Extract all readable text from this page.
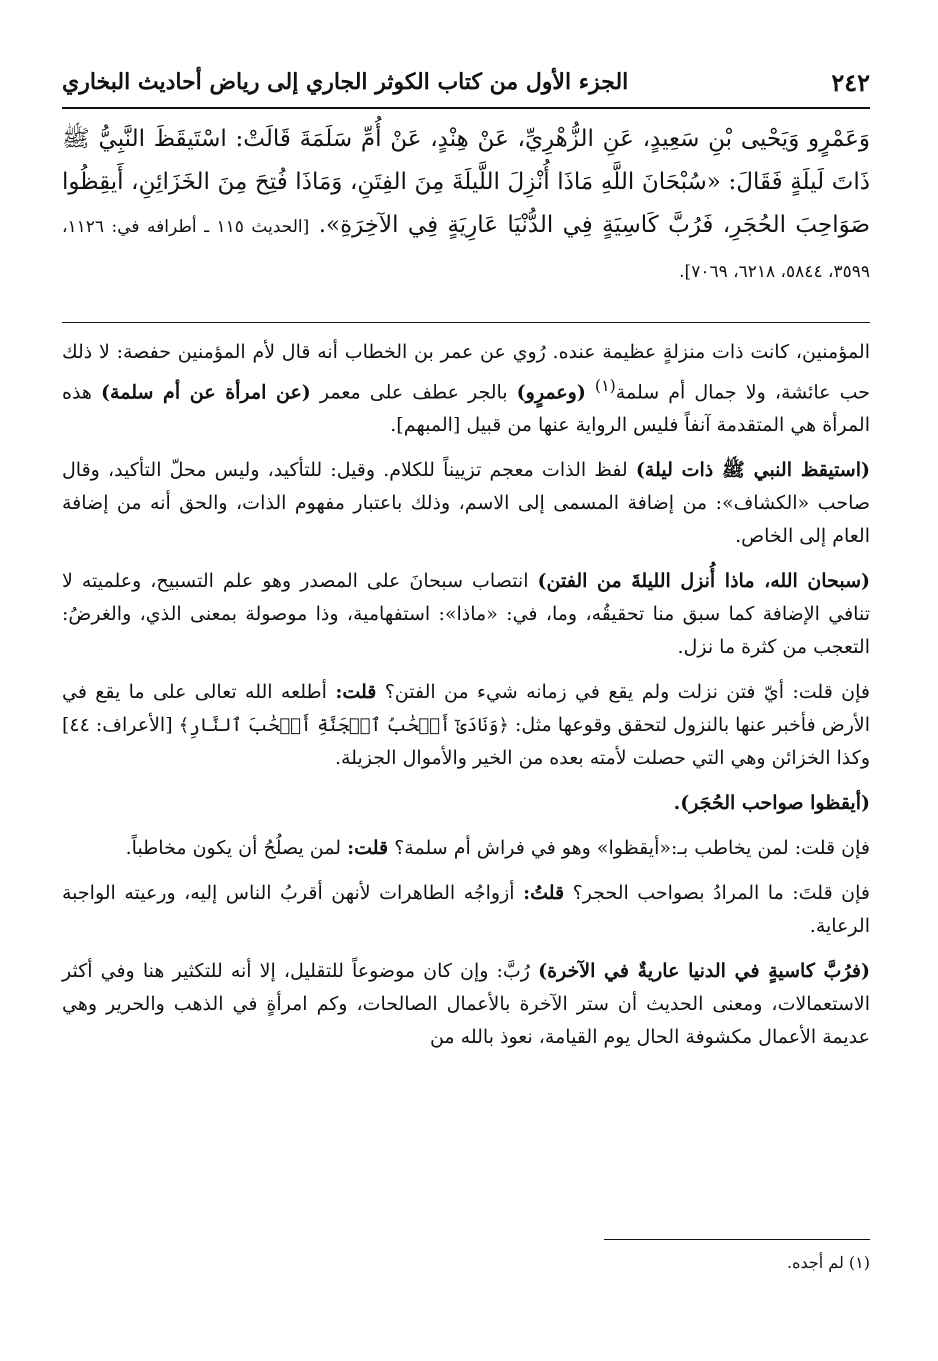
٢٤٢
الجزء الأول من كتاب الكوثر الجاري إلى رياض أحاديث البخاري

وَعَمْرٍو وَيَحْيى بْنِ سَعِيدٍ، عَنِ الزُّهْرِيِّ، عَنْ هِنْدٍ، عَنْ أُمِّ سَلَمَةَ قَالَتْ: اسْتَيقَظَ النَّبِيُّ ﷺ ذَاتَ لَيلَةٍ فَقَالَ: «سُبْحَانَ اللَّهِ مَاذَا أُنْزِلَ اللَّيلَةَ مِنَ الفِتَنِ، وَمَاذَا فُتِحَ مِنَ الخَزَائِنِ، أَيقِظُوا صَوَاحِبَ الحُجَرِ، فَرُبَّ كَاسِيَةٍ فِي الدُّنْيَا عَارِيَةٍ فِي الآخِرَةِ». [الحديث ١١٥ ـ أطرافه في: ١١٢٦، ٣٥٩٩، ٥٨٤٤، ٦٢١٨، ٧٠٦٩].

المؤمنين، كانت ذات منزلةٍ عظيمة عنده. رُوي عن عمر بن الخطاب أنه قال لأم المؤمنين حفصة: لا ذلك حب عائشة، ولا جمال أم سلمة$^{(١)}$ (وعمرٍو) بالجر عطف على معمر (عن امرأة عن أم سلمة) هذه المرأة هي المتقدمة آنفاً فليس الرواية عنها من قبيل [المبهم].

(استيقظ النبي ﷺ ذات ليلة) لفظ الذات معجم تزييناً للكلام. وقيل: للتأكيد، وليس محلّ التأكيد، وقال صاحب «الكشاف»: من إضافة المسمى إلى الاسم، وذلك باعتبار مفهوم الذات، والحق أنه من إضافة العام إلى الخاص.

(سبحان الله، ماذا أُنزل الليلةَ من الفتن) انتصاب سبحانَ على المصدر وهو علم التسبيح، وعلميته لا تنافي الإضافة كما سبق منا تحقيقُه، وما، في: «ماذا»: استفهامية، وذا موصولة بمعنى الذي، والغرضُ: التعجب من كثرة ما نزل.

فإن قلت: أيّ فتن نزلت ولم يقع في زمانه شيء من الفتن؟ قلت: أطلعه الله تعالى على ما يقع في الأرض فأخبر عنها بالنزول لتحقق وقوعها مثل: ﴿وَنَادَىٰٓ أَصۡحَٰبُ ٱلۡجَنَّةِ أَصۡحَٰبَ ٱلنَّارِ﴾ [الأعراف: ٤٤] وكذا الخزائن وهي التي حصلت لأمته بعده من الخير والأموال الجزيلة.

(أيقظوا صواحب الحُجَر).

فإن قلت: لمن يخاطب بـ:«أيقظوا» وهو في فراش أم سلمة؟ قلت: لمن يصلُحُ أن يكون مخاطباً.

فإن قلتَ: ما المرادُ بصواحب الحجر؟ قلتُ: أزواجُه الطاهرات لأنهن أقربُ الناس إليه، ورعيته الواجبة الرعاية.

(فرُبَّ كاسيةٍ في الدنيا عاريةٌ في الآخرة) رُبَّ: وإن كان موضوعاً للتقليل، إلا أنه للتكثير هنا وفي أكثر الاستعمالات، ومعنى الحديث أن ستر الآخرة بالأعمال الصالحات، وكم امرأةٍ في الذهب والحرير وهي عديمة الأعمال مكشوفة الحال يوم القيامة، نعوذ بالله من

(١) لم أجده.
